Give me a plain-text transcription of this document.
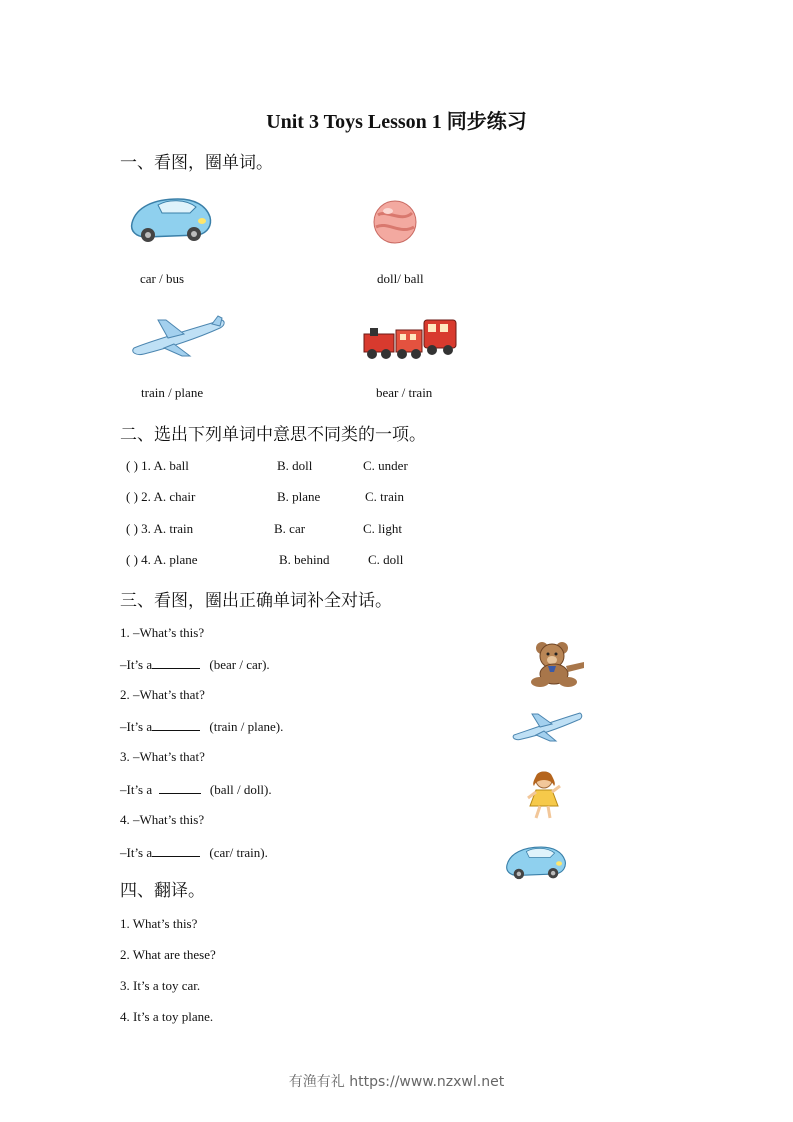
Unit 3 Toys Lesson 1 同步练习
一、看图，圈单词。
car / bus	doll/ ball
train / plane	bear / train
二、选出下列单词中意思不同类的一项。
( ) 1. A. ball	B. doll	C. under
( ) 2. A. chair	B. plane	C. train
( ) 3. A. train	B. car	C. light
( ) 4. A. plane	B. behind	C. doll
三、看图，圈出正确单词补全对话。
1. –What’s this?
–It’s a	(bear / car).
2. –What’s that?
–It’s a	(train / plane).
3. –What’s that?
–It’s a	(ball / doll).
4. –What’s this?
–It’s a	(car/ train).
四、翻译。
1. What’s this?
2. What are these?
3. It’s a toy car.
4. It’s a toy plane.
有渔有礼 https://www.nzxwl.net
